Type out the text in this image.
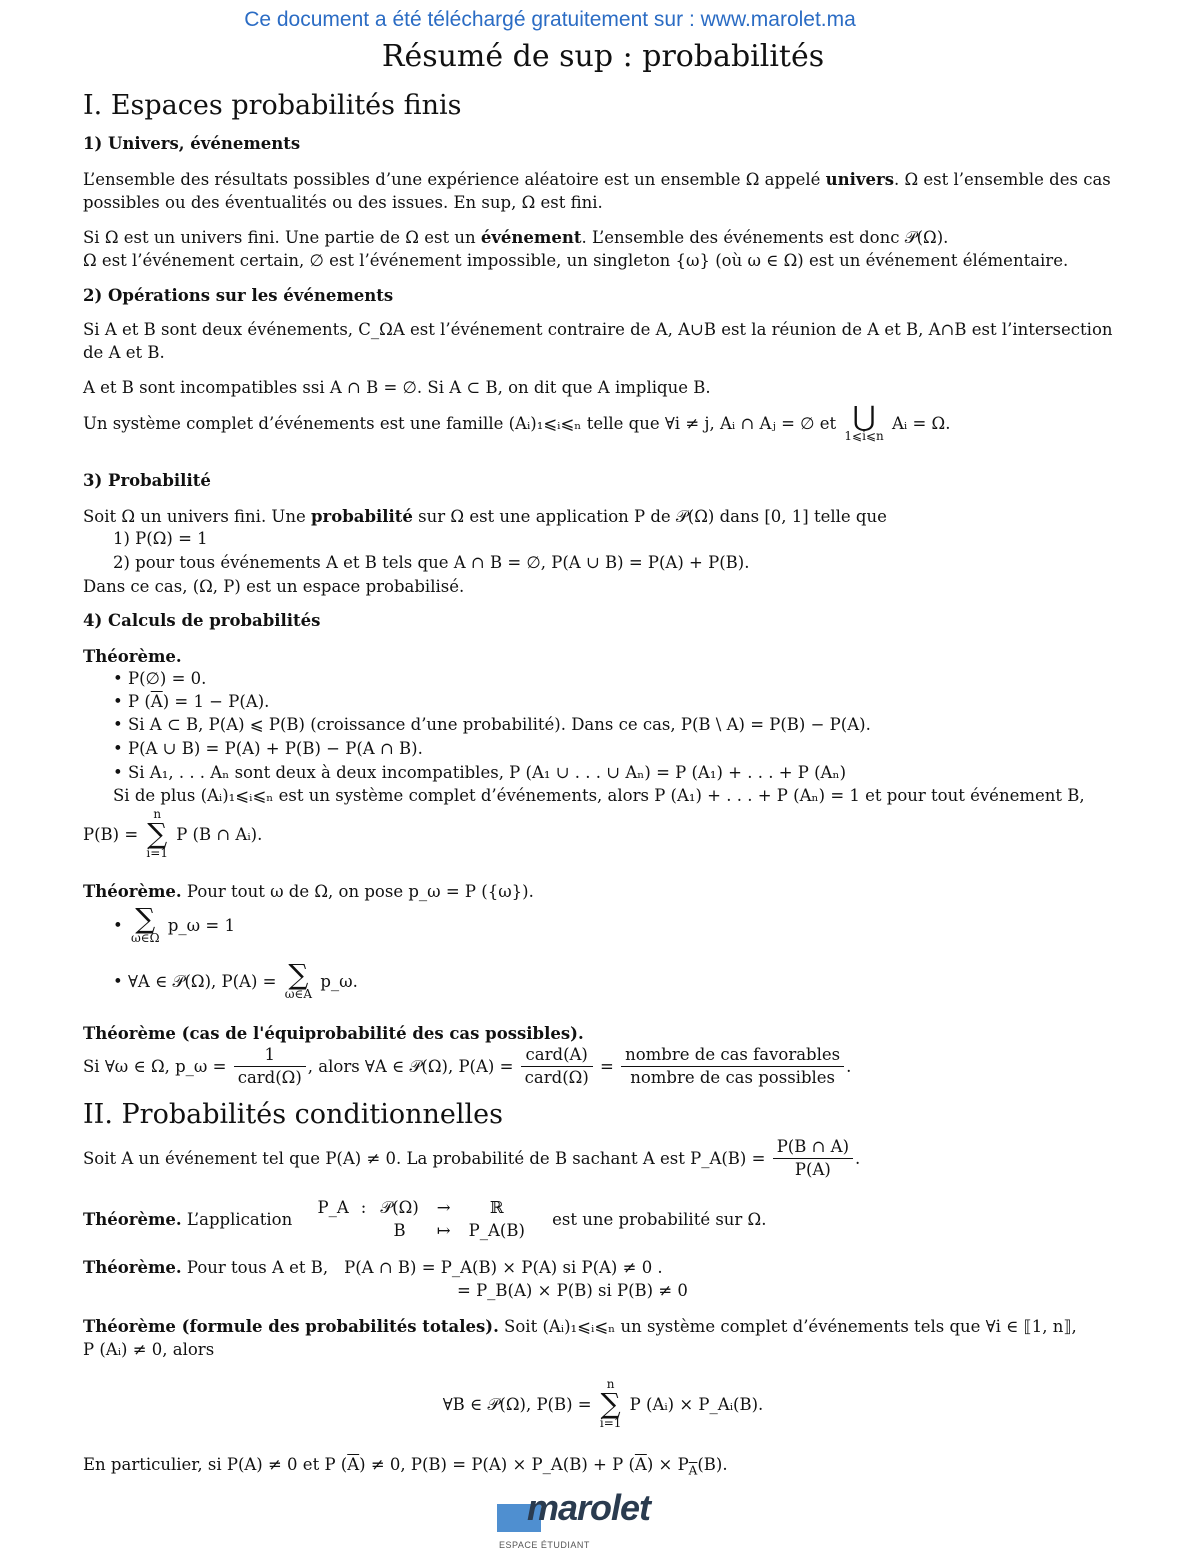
Ce document a été téléchargé gratuitement sur : www.marolet.ma
Résumé de sup : probabilités
I. Espaces probabilités finis
1) Univers, événements
L’ensemble des résultats possibles d’une expérience aléatoire est un ensemble Ω appelé univers. Ω est l’ensemble des cas possibles ou des éventualités ou des issues. En sup, Ω est fini.
Si Ω est un univers fini. Une partie de Ω est un événement. L’ensemble des événements est donc 𝒫(Ω).
Ω est l’événement certain, ∅ est l’événement impossible, un singleton {ω} (où ω ∈ Ω) est un événement élémentaire.
2) Opérations sur les événements
Si A et B sont deux événements, C_ΩA est l’événement contraire de A, A∪B est la réunion de A et B, A∩B est l’intersection de A et B.
A et B sont incompatibles ssi A ∩ B = ∅. Si A ⊂ B, on dit que A implique B.
Un système complet d’événements est une famille (Aᵢ)₁⩽ᵢ⩽ₙ telle que ∀i ≠ j, Aᵢ ∩ Aⱼ = ∅ et ⋃
1⩽i⩽n
Aᵢ = Ω.
3) Probabilité
Soit Ω un univers fini. Une probabilité sur Ω est une application P de 𝒫(Ω) dans [0, 1] telle que
1) P(Ω) = 1
2) pour tous événements A et B tels que A ∩ B = ∅, P(A ∪ B) = P(A) + P(B).
Dans ce cas, (Ω, P) est un espace probabilisé.
4) Calculs de probabilités
Théorème.
• P(∅) = 0.
• P $(\overline{A}) = 1 - P(A)$.
• Si A ⊂ B, P(A) ⩽ P(B) (croissance d’une probabilité). Dans ce cas, P(B \ A) = P(B) − P(A).
• P(A ∪ B) = P(A) + P(B) − P(A ∩ B).
• Si A₁, . . . Aₙ sont deux à deux incompatibles, P (A₁ ∪ . . . ∪ Aₙ) = P (A₁) + . . . + P (Aₙ)
Si de plus (Aᵢ)₁⩽ᵢ⩽ₙ est un système complet d’événements, alors P (A₁) + . . . + P (Aₙ) = 1 et pour tout événement B,
P(B) =
n
∑
i=1
P (B ∩ Aᵢ).
Théorème. Pour tout ω de Ω, on pose p_ω = P ({ω}).
• ∑
ω∈Ω
p_ω = 1
• ∀A ∈ 𝒫(Ω), P(A) = ∑
ω∈A
p_ω.
Théorème (cas de l'équiprobabilité des cas possibles).
Si ∀ω ∈ Ω, p_ω = $\frac{1}{\text{card(Ω)}}$ , alors ∀A ∈ 𝒫(Ω), $P(A) = \frac{\text{card(A)}}{\text{card(Ω)}} = \frac{\text{nombre de cas favorables}}{\text{nombre de cas possibles}}$ .
II. Probabilités conditionnelles
Soit A un événement tel que P(A) ≠ 0. La probabilité de B sachant A est P_A(B) = $\frac{P(B \cap A)}{P(A)}$ .
Théorème. L’application
P_A	:	𝒫(Ω)	→	ℝ
		B	↦	P_A(B)
est une probabilité sur Ω.
Théorème. Pour tous A et B, P(A ∩ B) = P_A(B) × P(A) si P(A) ≠ 0 .
= P_B(A) × P(B) si P(B) ≠ 0
Théorème (formule des probabilités totales). Soit (Aᵢ)₁⩽ᵢ⩽ₙ un système complet d’événements tels que ∀i ∈ ⟦1, n⟧,
P (Aᵢ) ≠ 0, alors
∀B ∈ 𝒫(Ω), P(B) =
n
∑
i=1
P (Aᵢ) × P_Aᵢ(B).
En particulier, si P(A) ≠ 0 et P $(\overline{A}) \ne 0$, P(B) = P(A) × P_A(B) + P $(\overline{A}) \times P_{\overline{A}}(B)$.
marolet
ESPACE ÉTUDIANT
